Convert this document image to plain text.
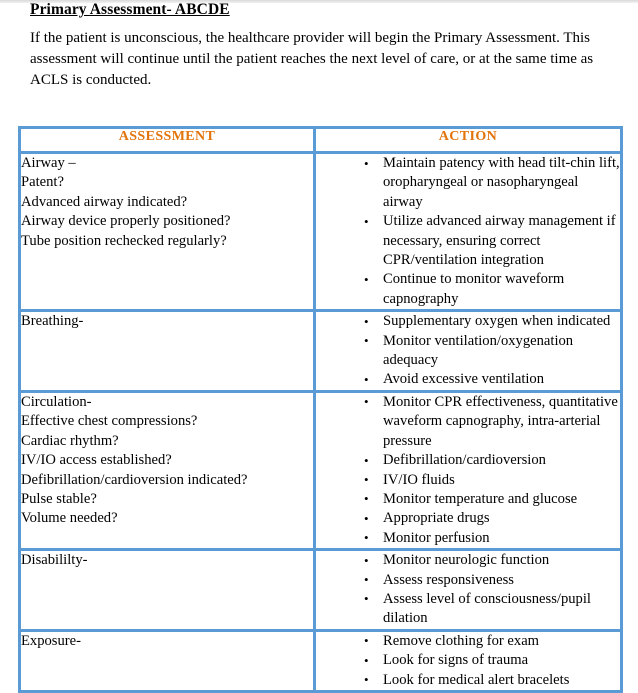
Primary Assessment- ABCDE
If the patient is unconscious, the healthcare provider will begin the Primary Assessment. This assessment will continue until the patient reaches the next level of care, or at the same time as ACLS is conducted.
ASSESSMENT	ACTION

Airway –
Patent?
Advanced airway indicated?
Airway device properly positioned?
Tube position rechecked regularly?

• Maintain patency with head tilt-chin lift, oropharyngeal or nasopharyngeal airway
• Utilize advanced airway management if necessary, ensuring correct CPR/ventilation integration
• Continue to monitor waveform capnography

Breathing-

•Supplementary oxygen when indicated
• Monitor ventilation/oxygenation adequacy
• Avoid excessive ventilation

Circulation-
Effective chest compressions?
Cardiac rhythm?
IV/IO access established?
Defibrillation/cardioversion indicated?
Pulse stable?
Volume needed?

• Monitor CPR effectiveness, quantitative waveform capnography, intra-arterial pressure
• Defibrillation/cardioversion
• IV/IO fluids
• Monitor temperature and glucose
• Appropriate drugs
• Monitor perfusion

Disabililty-

•Monitor neurologic function
• Assess responsiveness
• Assess level of consciousness/pupil dilation

Exposure-

•Remove clothing for exam
• Look for signs of trauma
• Look for medical alert bracelets
